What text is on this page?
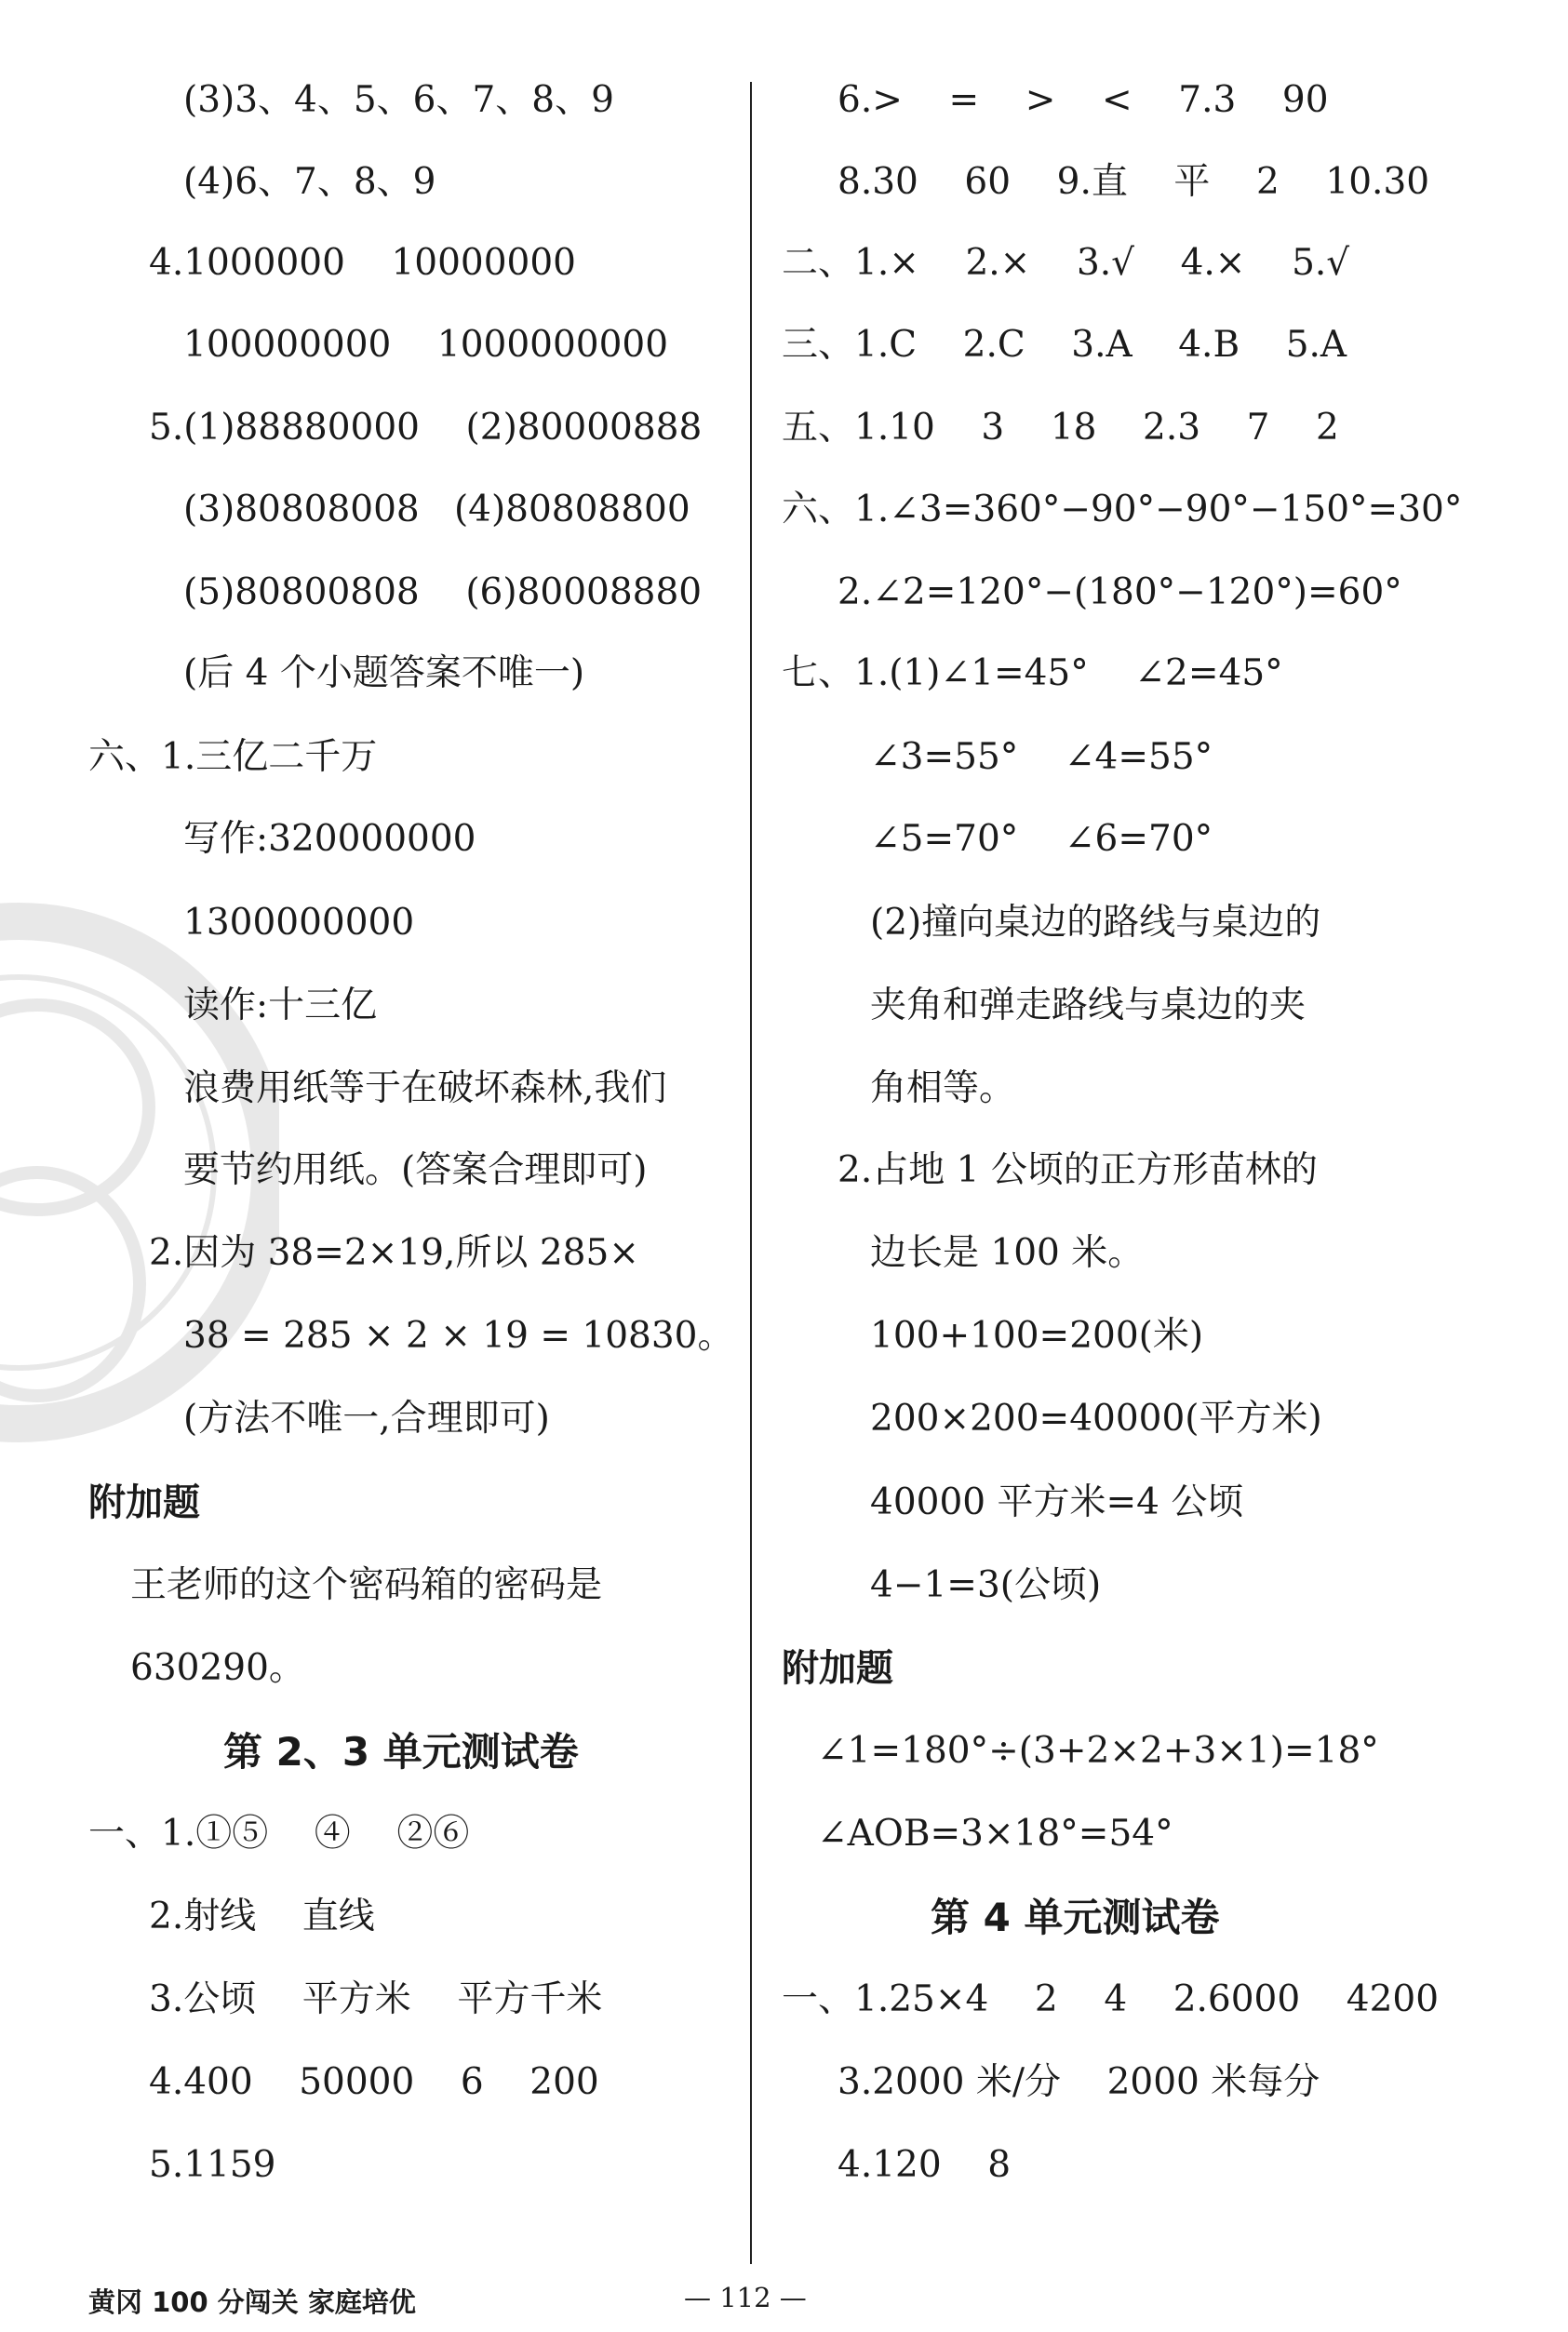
(3)3、4、5、6、7、8、9
(4)6、7、8、9
4.1000000    10000000
100000000    1000000000
5.(1)88880000    (2)80000888
(3)80808008   (4)80808800
(5)80800808    (6)80008880
(后 4 个小题答案不唯一)
六、1.三亿二千万
写作:320000000
1300000000
读作:十三亿
浪费用纸等于在破坏森林,我们
要节约用纸。(答案合理即可)
2.因为 38=2×19,所以 285×
38 = 285 × 2 × 19 = 10830。
(方法不唯一,合理即可)
附加题
王老师的这个密码箱的密码是
630290。
第 2、3 单元测试卷
一、1.①⑤    ④    ②⑥
2.射线    直线
3.公顷    平方米    平方千米
4.400    50000    6    200
5.1159
6.>    =    >    <    7.3    90
8.30    60    9.直    平    2    10.30
二、1.×    2.×    3.√    4.×    5.√
三、1.C    2.C    3.A    4.B    5.A
五、1.10    3    18    2.3    7    2
六、1.∠3=360°−90°−90°−150°=30°
2.∠2=120°−(180°−120°)=60°
七、1.(1)∠1=45°    ∠2=45°
∠3=55°    ∠4=55°
∠5=70°    ∠6=70°
(2)撞向桌边的路线与桌边的
夹角和弹走路线与桌边的夹
角相等。
2.占地 1 公顷的正方形苗林的
边长是 100 米。
100+100=200(米)
200×200=40000(平方米)
40000 平方米=4 公顷
4−1=3(公顷)
附加题
∠1=180°÷(3+2×2+3×1)=18°
∠AOB=3×18°=54°
第 4 单元测试卷
一、1.25×4    2    4    2.6000    4200
3.2000 米/分    2000 米每分
4.120    8
黄冈 100 分闯关 家庭培优	— 112 —
